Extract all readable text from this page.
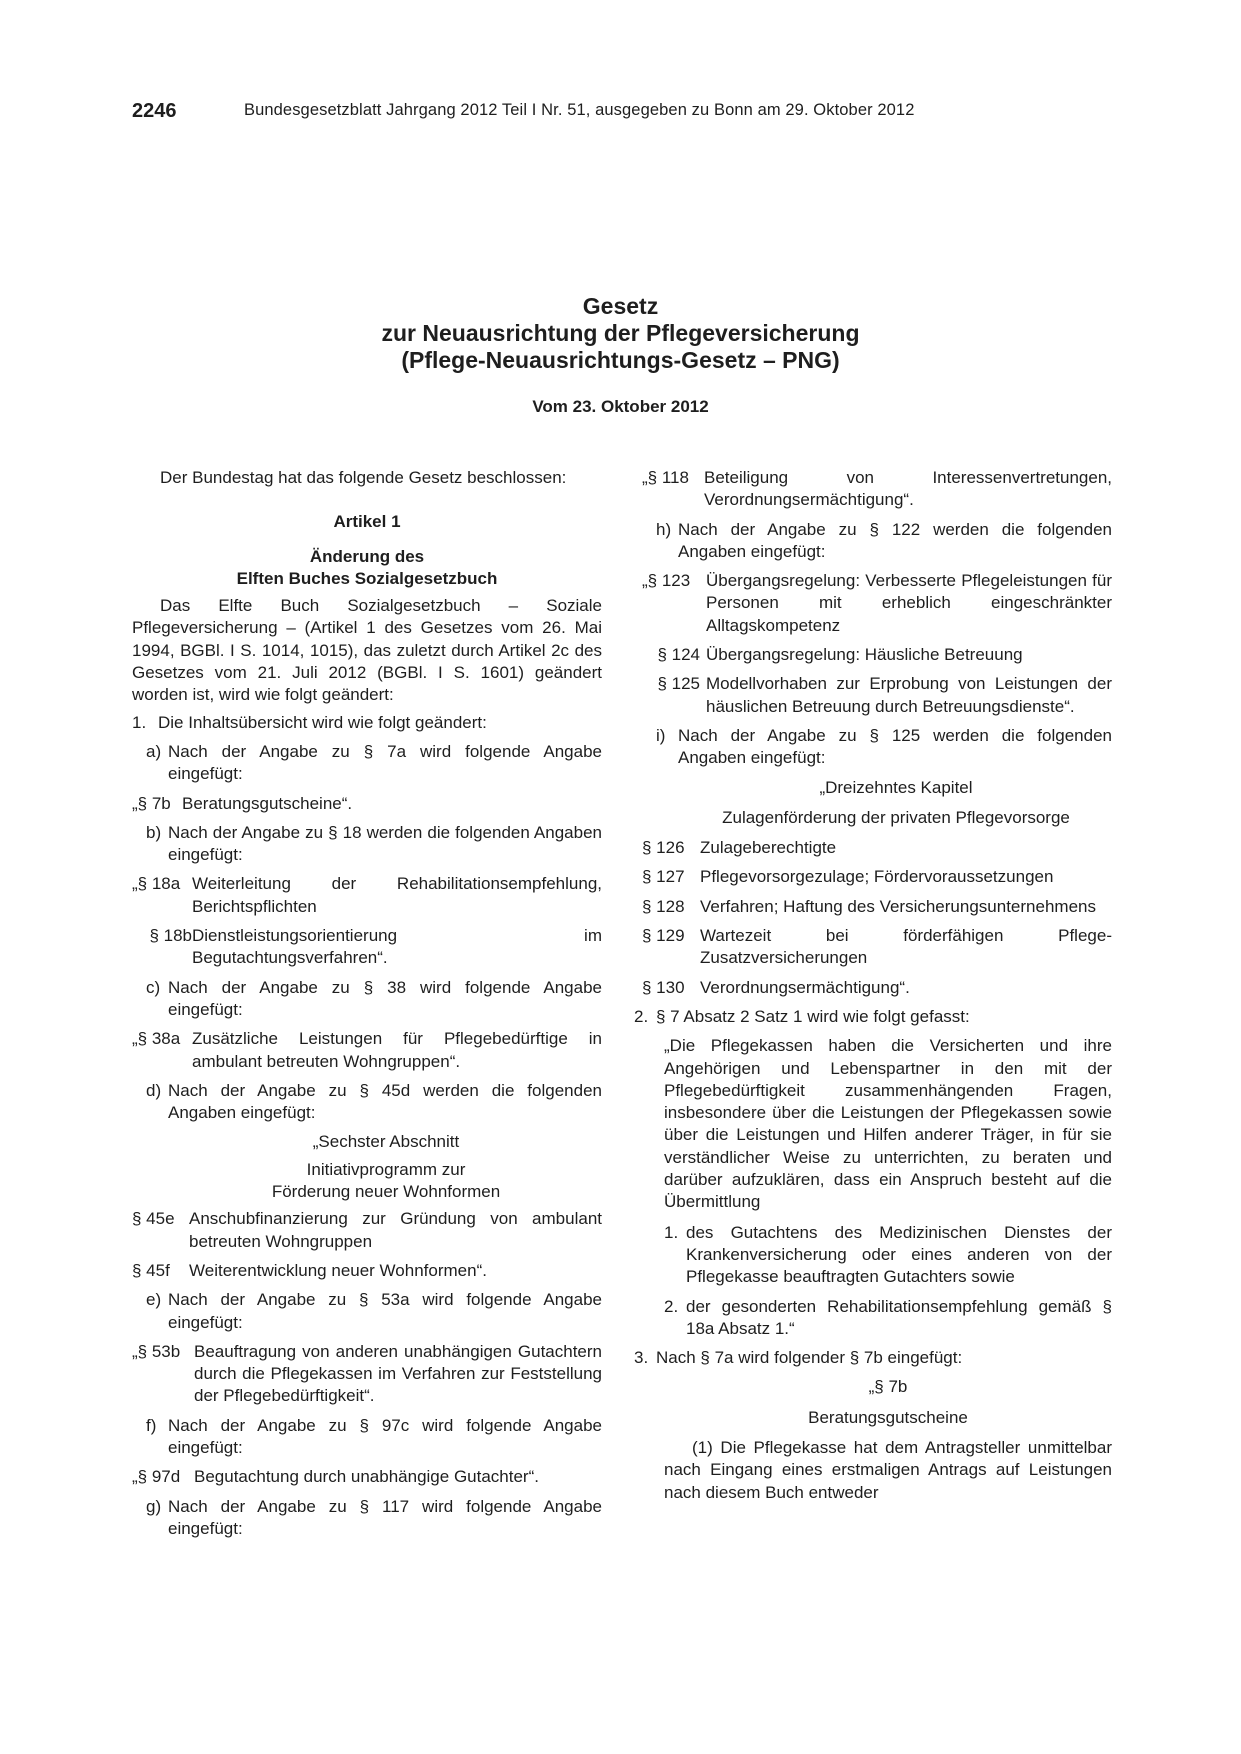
2246	Bundesgesetzblatt Jahrgang 2012 Teil I Nr. 51, ausgegeben zu Bonn am 29. Oktober 2012
Gesetz
zur Neuausrichtung der Pflegeversicherung
(Pflege-Neuausrichtungs-Gesetz – PNG)
Vom 23. Oktober 2012

Der Bundestag hat das folgende Gesetz beschlossen:

Artikel 1

Änderung des

Elften Buches Sozialgesetzbuch

Das Elfte Buch Sozialgesetzbuch – Soziale Pflegeversicherung – (Artikel 1 des Gesetzes vom 26. Mai 1994, BGBl. I S. 1014, 1015), das zuletzt durch Artikel 2c des Gesetzes vom 21. Juli 2012 (BGBl. I S. 1601) geändert worden ist, wird wie folgt geändert:

1. Die Inhaltsübersicht wird wie folgt geändert:
a) Nach der Angabe zu § 7a wird folgende Angabe eingefügt:
„§ 7b Beratungsgutscheine“.
b) Nach der Angabe zu § 18 werden die folgenden Angaben eingefügt:
„§ 18a Weiterleitung der Rehabilitationsempfehlung, Berichtspflichten
§ 18b Dienstleistungsorientierung im Begutachtungsverfahren“.
c) Nach der Angabe zu § 38 wird folgende Angabe eingefügt:
„§ 38a Zusätzliche Leistungen für Pflegebedürftige in ambulant betreuten Wohngruppen“.
d) Nach der Angabe zu § 45d werden die folgenden Angaben eingefügt:

„Sechster Abschnitt

Initiativprogramm zur

Förderung neuer Wohnformen

§ 45e Anschubfinanzierung zur Gründung von ambulant betreuten Wohngruppen
§ 45f	Weiterentwicklung neuer Wohnformen“.
e) Nach der Angabe zu § 53a wird folgende Angabe eingefügt:
„§ 53b Beauftragung von anderen unabhängigen Gutachtern durch die Pflegekassen im Verfahren zur Feststellung der Pflegebedürftigkeit“.
f) Nach der Angabe zu § 97c wird folgende Angabe eingefügt:
„§ 97d Begutachtung durch unabhängige Gutachter“.
g) Nach der Angabe zu § 117 wird folgende Angabe eingefügt:
„§ 118 Beteiligung von Interessenvertretungen, Verordnungsermächtigung“.
h) Nach der Angabe zu § 122 werden die folgenden Angaben eingefügt:
„§ 123 Übergangsregelung: Verbesserte Pflegeleistungen für Personen mit erheblich eingeschränkter Alltagskompetenz
§ 124 Übergangsregelung: Häusliche Betreuung
§ 125 Modellvorhaben zur Erprobung von Leistungen der häuslichen Betreuung durch Betreuungsdienste“.
i) Nach der Angabe zu § 125 werden die folgenden Angaben eingefügt:

„Dreizehntes Kapitel

Zulagenförderung der privaten Pflegevorsorge

§ 126 Zulageberechtigte
§ 127 Pflegevorsorgezulage; Fördervoraussetzungen
§ 128 Verfahren; Haftung des Versicherungsunternehmens
§ 129 Wartezeit bei förderfähigen Pflege-Zusatzversicherungen
§ 130 Verordnungsermächtigung“.
2. § 7 Absatz 2 Satz 1 wird wie folgt gefasst:

„Die Pflegekassen haben die Versicherten und ihre Angehörigen und Lebenspartner in den mit der Pflegebedürftigkeit zusammenhängenden Fragen, insbesondere über die Leistungen der Pflegekassen sowie über die Leistungen und Hilfen anderer Träger, in für sie verständlicher Weise zu unterrichten, zu beraten und darüber aufzuklären, dass ein Anspruch besteht auf die Übermittlung

1. des Gutachtens des Medizinischen Dienstes der Krankenversicherung oder eines anderen von der Pflegekasse beauftragten Gutachters sowie
2. der gesonderten Rehabilitationsempfehlung gemäß § 18a Absatz 1.“
3. Nach § 7a wird folgender § 7b eingefügt:

„§ 7b

Beratungsgutscheine

(1) Die Pflegekasse hat dem Antragsteller unmittelbar nach Eingang eines erstmaligen Antrags auf Leistungen nach diesem Buch entweder
